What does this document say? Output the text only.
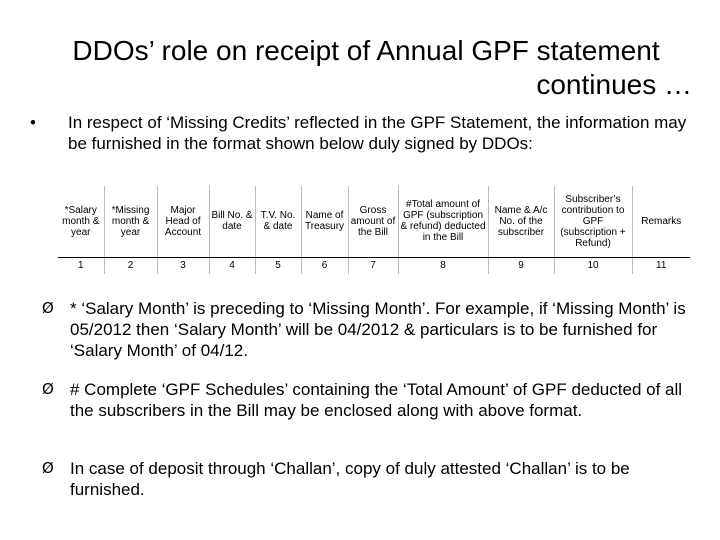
DDOs’ role on receipt of Annual GPF statement
continues …
• In respect of ‘Missing Credits’ reflected in the GPF Statement, the information may be furnished in the format shown below duly signed by DDOs:
*Salary month & year	*Missing month & year	Major Head of Account	Bill No. & date	T.V. No. & date	Name of Treasury	Gross amount of the Bill	#Total amount of GPF (subscription & refund) deducted in the Bill	Name & A/c No. of the subscriber	Subscriber’s contribution to GPF (subscription + Refund)	Remarks
1	2	3	4	5	6	7	8	9	10	11
Ø * ‘Salary Month’ is preceding to ‘Missing Month’. For example, if ‘Missing Month’ is 05/2012 then ‘Salary Month’ will be 04/2012 & particulars is to be furnished for ‘Salary Month’ of 04/12.
Ø # Complete ‘GPF Schedules’ containing the ‘Total Amount’ of GPF deducted of all the subscribers in the Bill may be enclosed along with above format.
Ø In case of deposit through ‘Challan’, copy of duly attested ‘Challan’ is to be furnished.
